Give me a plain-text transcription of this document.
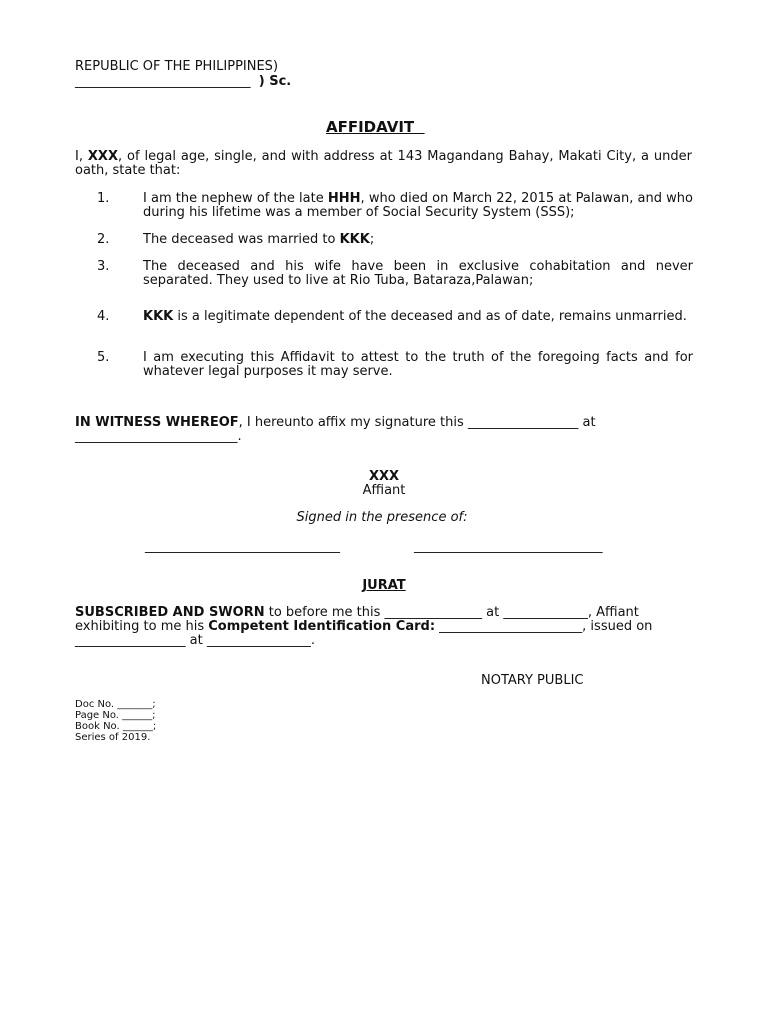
REPUBLIC OF THE PHILIPPINES)
___________________________ ) Sc.
AFFIDAVIT
I, XXX, of legal age, single, and with address at 143 Magandang Bahay, Makati City, a under oath, state that:
1.	I am the nephew of the late HHH, who died on March 22, 2015 at Palawan, and who during his lifetime was a member of Social Security System (SSS);
2.	The deceased was married to KKK;
3.	The deceased and his wife have been in exclusive cohabitation and never separated. They used to live at Rio Tuba, Bataraza,Palawan;
4.	KKK is a legitimate dependent of the deceased and as of date, remains unmarried.
5.	I am executing this Affidavit to attest to the truth of the foregoing facts and for whatever legal purposes it may serve.
IN WITNESS WHEREOF, I hereunto affix my signature this _________________ at
_________________________.
XXX
Affiant
Signed in the presence of:
______________________________	_____________________________
JURAT
SUBSCRIBED AND SWORN to before me this _______________ at _____________, Affiant
exhibiting to me his Competent Identification Card: ______________________, issued on
_________________ at ________________.
NOTARY PUBLIC
Doc No. _______;
Page No. ______;
Book No. ______;
Series of 2019.
